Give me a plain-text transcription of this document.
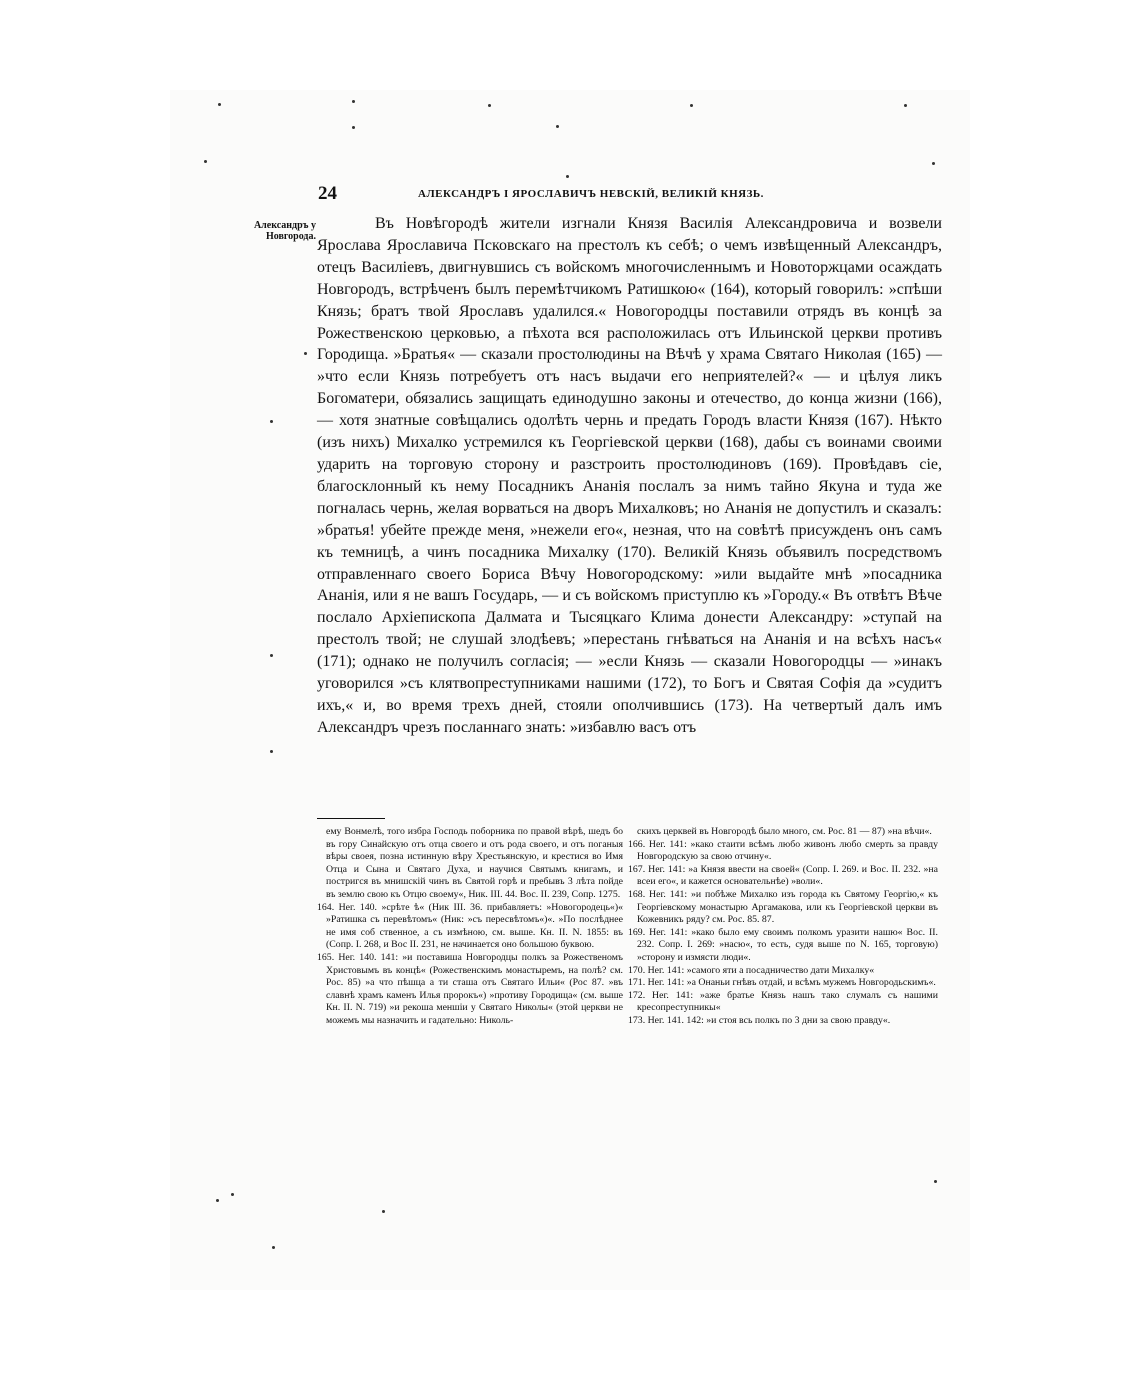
24	АЛЕКСАНДРЪ I ЯРОСЛАВИЧЪ НЕВСКІЙ, ВЕЛИКІЙ КНЯЗЬ.
Александръ у Новгорода.

Въ Новѣгородѣ жители изгнали Князя Василія Александровича и возвели Ярослава Ярославича Псковскаго на престолъ къ себѣ; о чемъ извѣщенный Александръ, отецъ Василіевъ, двигнувшись съ войскомъ многочисленнымъ и Новоторжцами осаждать Новгородъ, встрѣченъ былъ перемѣтчикомъ Ратишкою« (164), который говорилъ: »спѣши Князь; братъ твой Ярославъ удалился.« Новогородцы поставили отрядъ въ концѣ за Рожественскою церковью, а пѣхота вся расположилась отъ Ильинской церкви противъ Городища. »Братья« — сказали простолюдины на Вѣчѣ у храма Святаго Николая (165) — »что если Князь потребуетъ отъ насъ выдачи его неприятелей?« — и цѣлуя ликъ Богоматери, обязались защищать единодушно законы и отечество, до конца жизни (166), — хотя знатные совѣщались одолѣть чернь и предать Городъ власти Князя (167). Нѣкто (изъ нихъ) Михалко устремился къ Георгіевской церкви (168), дабы съ воинами своими ударить на торговую сторону и разстроить простолюдиновъ (169). Провѣдавъ сіе, благосклонный къ нему Посадникъ Ананія послалъ за нимъ тайно Якуна и туда же погналась чернь, желая ворваться на дворъ Михалковъ; но Ананія не допустилъ и сказалъ: »братья! убейте прежде меня, »нежели его«, незная, что на совѣтѣ присужденъ онъ самъ къ темницѣ, а чинъ посадника Михалку (170). Великій Князь объявилъ посредствомъ отправленнаго своего Бориса Вѣчу Новогородскому: »или выдайте мнѣ »посадника Ананія, или я не вашъ Государь, — и съ войскомъ приступлю къ »Городу.« Въ отвѣтъ Вѣче послало Архіепископа Далмата и Тысяцкаго Клима донести Александру: »ступай на престолъ твой; не слушай злодѣевъ; »перестань гнѣваться на Ананія и на всѣхъ насъ« (171); однако не получилъ согласія; — »если Князь — сказали Новогородцы — »инакъ уговорился »съ клятвопреступниками нашими (172), то Богъ и Святая Софія да »судитъ ихъ,« и, во время трехъ дней, стояли ополчившись (173). На четвертый далъ имъ Александръ чрезъ посланнаго знать: »избавлю васъ отъ

ему Вонмелѣ, того избра Господь поборника по правой вѣрѣ, шедъ бо въ гору Синайскую отъ отца своего и отъ рода своего, и отъ поганыя вѣры своея, позна истинную вѣру Хрестьянскую, и крестися во Имя Отца и Сына и Святаго Духа, и научися Святымъ книгамъ, и постригся въ мнишскій чинъ въ Святой горѣ и пребывъ 3 лѣта пойде въ землю свою къ Отцю своему«, Ник. III. 44. Вос. II. 239, Сопр. 1275.

164. Нег. 140. »срѣте ѣ« (Ник III. 36. прибавляетъ: »Новогородець«)« »Ратишка съ перевѣтомъ« (Ник: »съ пересвѣтомъ«)«. »По послѣднее не имя соб ственное, а съ измѣною, см. выше. Кн. II. N. 1855: въ (Сопр. I. 268, и Вос II. 231, не начинается оно большою буквою.

165. Нег. 140. 141: »и поставиша Новгородцы полкъ за Рожественомъ Христовымъ въ концѣ« (Рожественскимъ монастыремъ, на полѣ? см. Рос. 85) »а что пѣшца а ти сташа отъ Святаго Ильи« (Рос 87. »въ славнѣ храмъ каменъ Илья пророкъ«) »противу Городища« (см. выше Кн. II. N. 719) »и рекоша меншіи у Святаго Николы« (этой церкви не можемъ мы назначить и гадательно: Николь-

скихъ церквей въ Новгородѣ было много, см. Рос. 81 — 87) »на вѣчи«.

166. Нег. 141: »како стаити всѣмъ любо живонъ любо смерть за правду Новгородскую за свою отчину«.

167. Нег. 141: »а Князя ввести на своей« (Сопр. I. 269. и Вос. II. 232. »на всеи его«, и кажется основательнѣе) »воли«.

168. Нег. 141: »и побѣже Михалко изъ города къ Святому Георгію,« къ Георгіевскому монастырю Аргамакова, или къ Георгіевской церкви въ Кожевникъ ряду? см. Рос. 85. 87.

169. Нег. 141: »како было ему своимъ полкомъ уразити нашю« Вос. II. 232. Сопр. I. 269: »насю«, то есть, судя выше по N. 165, торговую) »сторону и измясти люди«.

170. Нег. 141: »самого яти а посадничество дати Михалку«

171. Нег. 141: »а Онаньи гнѣвъ отдай, и всѣмъ мужемъ Новгородьскимъ«.

172. Нег. 141: »аже братье Князь нашъ тако слумалъ съ нашими кресопреступникы«

173. Нег. 141. 142: »и стоя всь полкъ по 3 дни за свою правду«.
